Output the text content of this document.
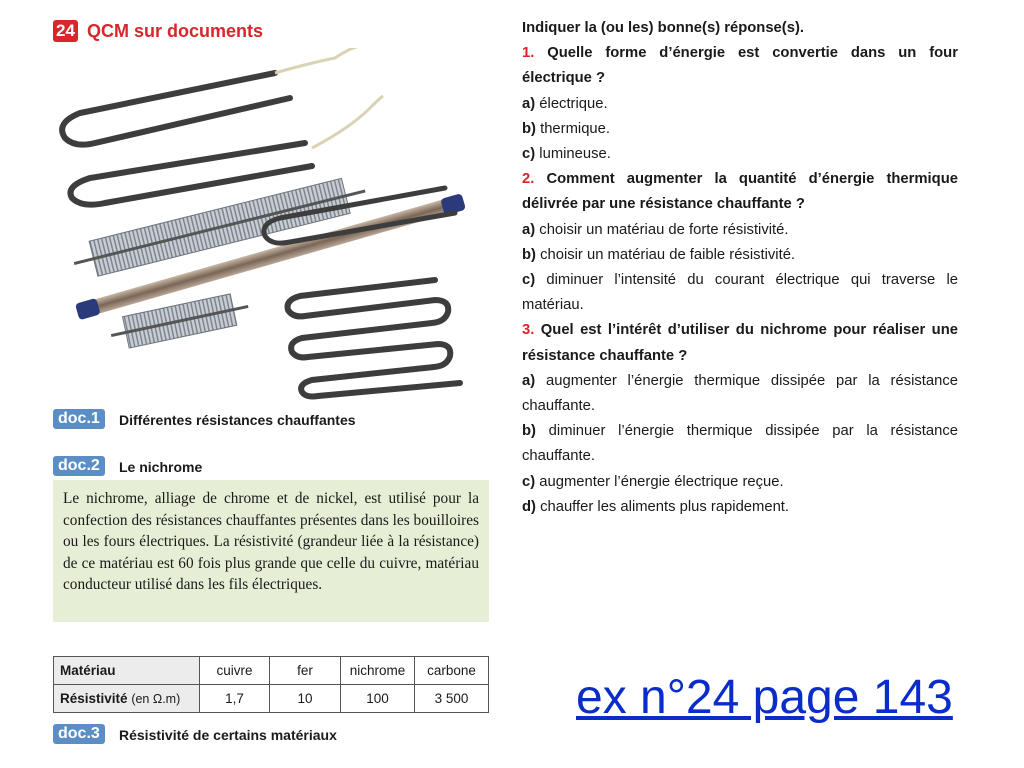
24 QCM sur documents
doc.1	Différentes résistances chauffantes
doc.2	Le nichrome
Le nichrome, alliage de chrome et de nickel, est utilisé pour la confection des résistances chauffantes présentes dans les bouilloires ou les fours électriques. La résistivité (grandeur liée à la résistance) de ce matériau est 60 fois plus grande que celle du cuivre, matériau conducteur utilisé dans les fils électriques.
Matériau	cuivre	fer	nichrome	carbone
Résistivité (en Ω.m)	1,7	10	100	3 500
doc.3	Résistivité de certains matériaux
Indiquer la (ou les) bonne(s) réponse(s).
1. Quelle forme d’énergie est convertie dans un four électrique ?
a) électrique.
b) thermique.
c) lumineuse.
2. Comment augmenter la quantité d’énergie thermique délivrée par une résistance chauffante ?
a) choisir un matériau de forte résistivité.
b) choisir un matériau de faible résistivité.
c) diminuer l’intensité du courant électrique qui traverse le matériau.
3. Quel est l’intérêt d’utiliser du nichrome pour réaliser une résistance chauffante ?
a) augmenter l’énergie thermique dissipée par la résistance chauffante.
b) diminuer l’énergie thermique dissipée par la résistance chauffante.
c) augmenter l’énergie électrique reçue.
d) chauffer les aliments plus rapidement.
ex n°24 page 143
